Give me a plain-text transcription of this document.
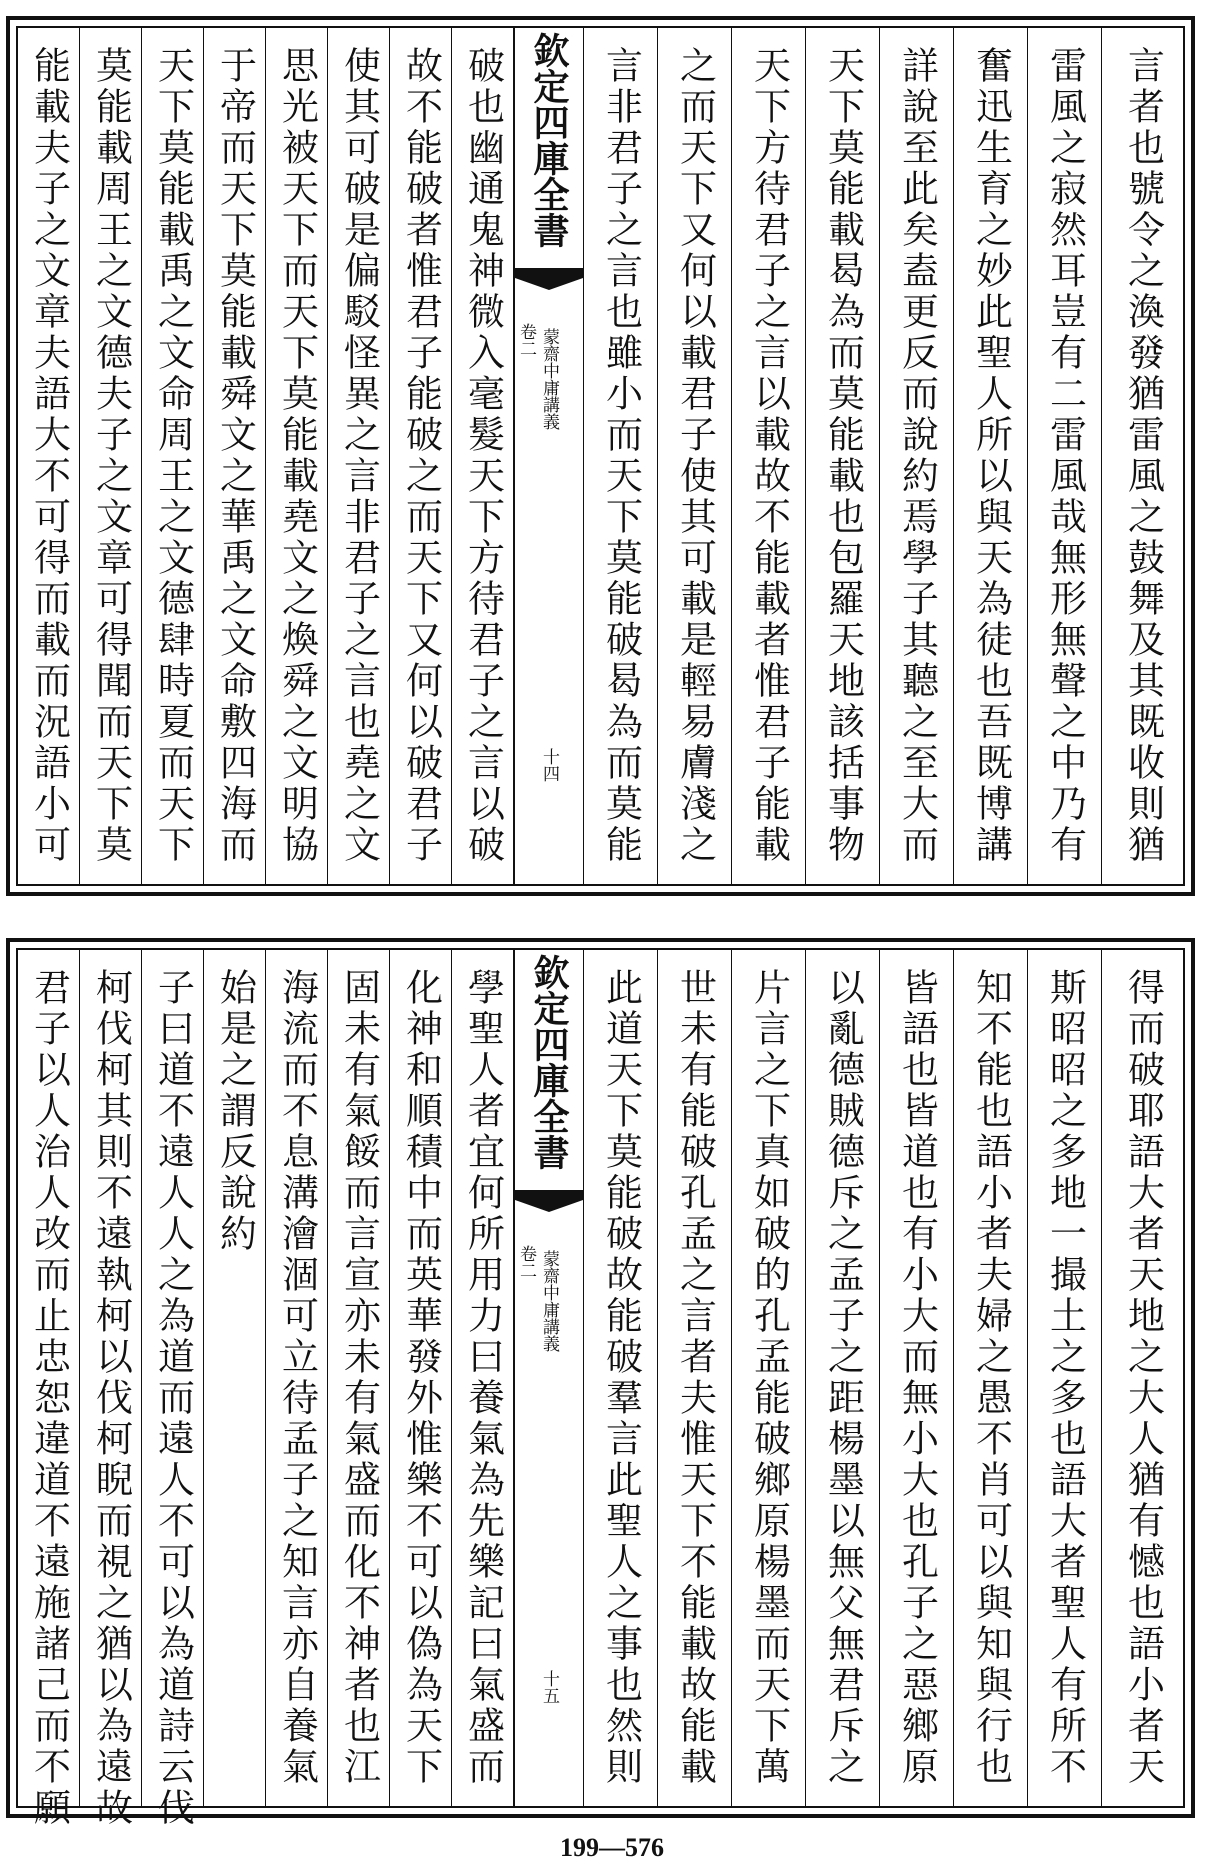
能載夫子之文章夫語大不可得而載而況語小可 莫能載周王之文德夫子之文章可得聞而天下莫 天下莫能載禹之文命周王之文德肆時夏而天下 于帝而天下莫能載舜文之華禹之文命敷四海而 思光被天下而天下莫能載堯文之煥舜之文明協 使其可破是偏駁怪異之言非君子之言也堯之文 故不能破者惟君子能破之而天下又何以破君子 破也幽通鬼神微入毫髮天下方待君子之言以破 欽定四庫全書
蒙齋中庸講義
卷二
十四 言非君子之言也雖小而天下莫能破曷為而莫能 之而天下又何以載君子使其可載是輕易膚淺之 天下方待君子之言以載故不能載者惟君子能載 天下莫能載曷為而莫能載也包羅天地該括事物 詳說至此矣盍更反而說約焉學子其聽之至大而 奮迅生育之妙此聖人所以與天為徒也吾既博講 雷風之寂然耳豈有二雷風哉無形無聲之中乃有 言者也號令之渙發猶雷風之鼓舞及其既收則猶
君子以人治人改而止忠恕違道不遠施諸己而不願 柯伐柯其則不遠執柯以伐柯睨而視之猶以為遠故 子曰道不遠人人之為道而遠人不可以為道詩云伐 始是之謂反說約 海流而不息溝澮涸可立待孟子之知言亦自養氣 固未有氣餒而言宣亦未有氣盛而化不神者也江 化神和順積中而英華發外惟樂不可以偽為天下 學聖人者宜何所用力曰養氣為先樂記曰氣盛而 欽定四庫全書
蒙齋中庸講義
卷二
十五 此道天下莫能破故能破羣言此聖人之事也然則 世未有能破孔孟之言者夫惟天下不能載故能載 片言之下真如破的孔孟能破鄉原楊墨而天下萬 以亂德賊德斥之孟子之距楊墨以無父無君斥之 皆語也皆道也有小大而無小大也孔子之惡鄉原 知不能也語小者夫婦之愚不肖可以與知與行也 斯昭昭之多地一撮土之多也語大者聖人有所不 得而破耶語大者天地之大人猶有憾也語小者天
199—576
